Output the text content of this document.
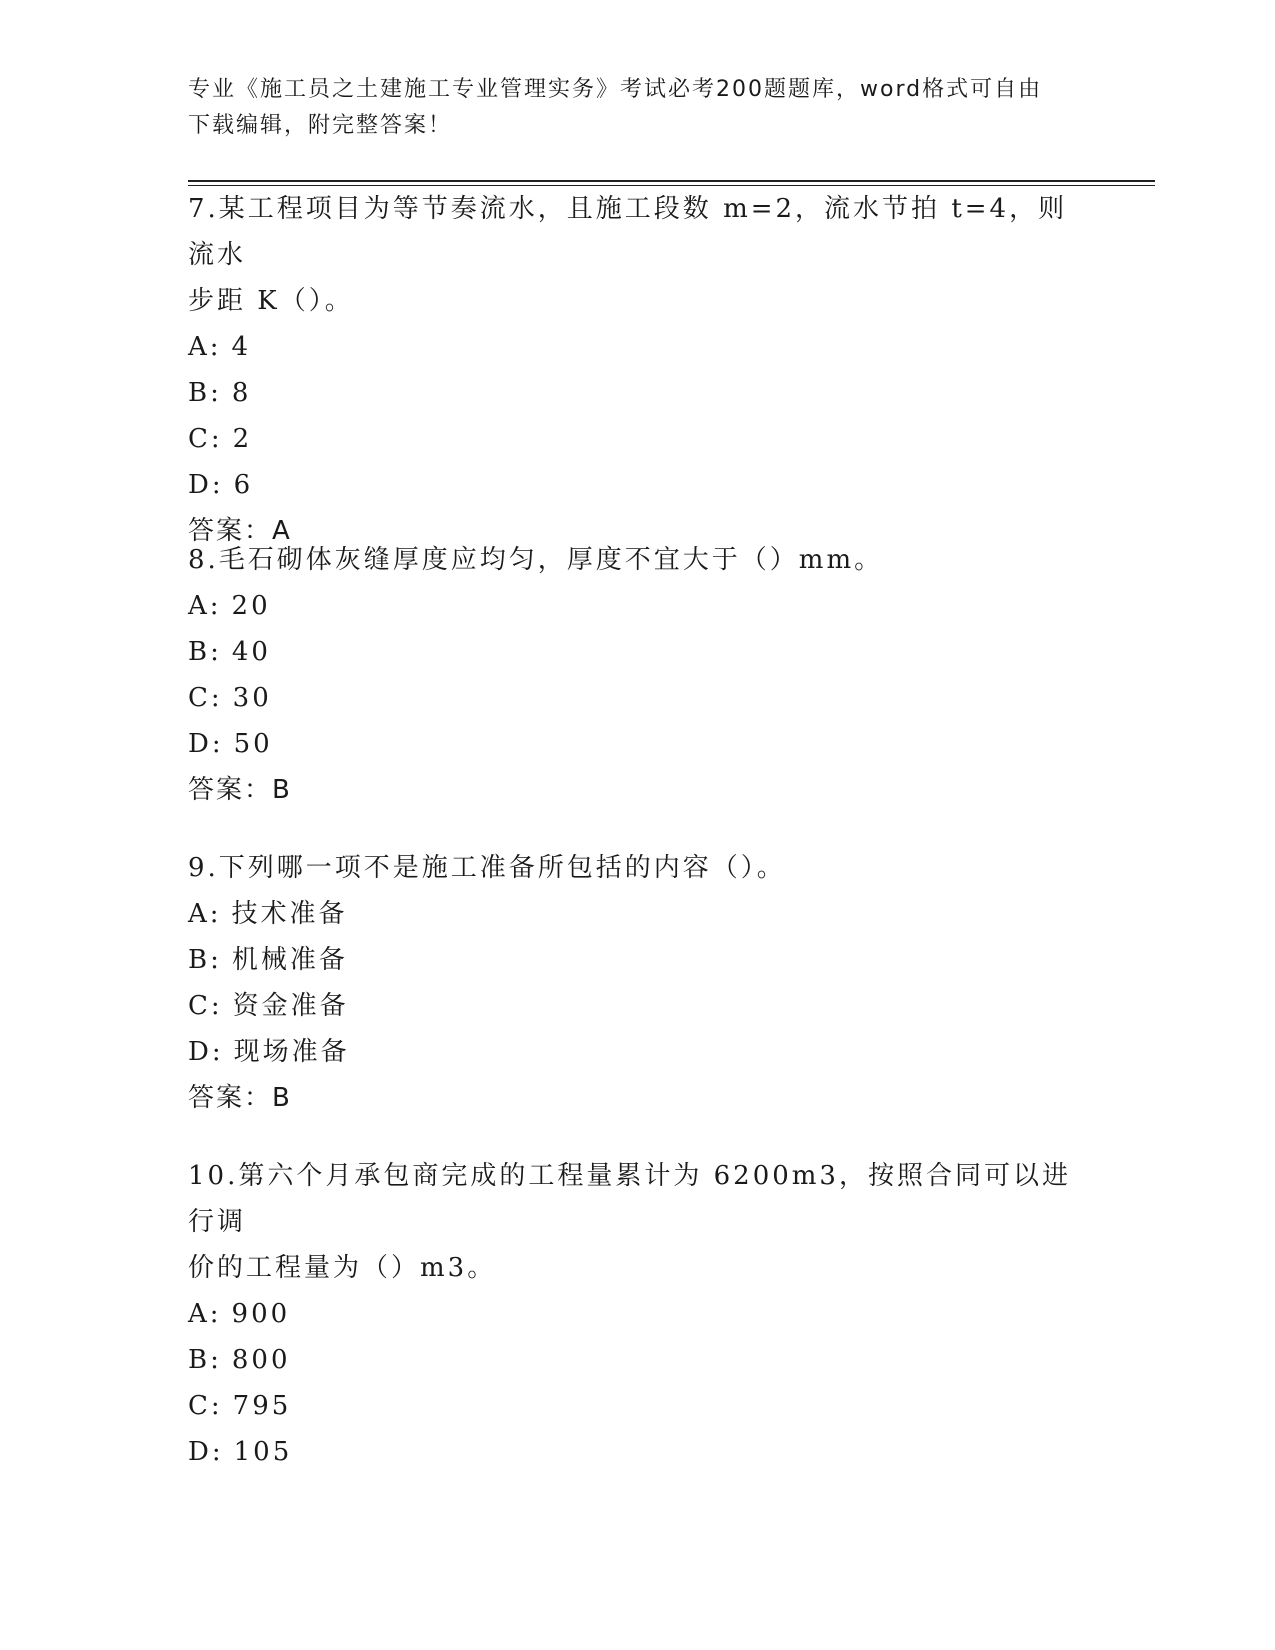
专业《施工员之土建施工专业管理实务》考试必考200题题库，word格式可自由
下载编辑，附完整答案！

7.某工程项目为等节奏流水，且施工段数 m=2，流水节拍 t=4，则流水

步距 K（）。

A: 4

B: 8

C: 2

D: 6

答案：A

8.毛石砌体灰缝厚度应均匀，厚度不宜大于（）mm。

A: 20

B: 40

C: 30

D: 50

答案：B

9.下列哪一项不是施工准备所包括的内容（）。

A: 技术准备

B: 机械准备

C: 资金准备

D: 现场准备

答案：B

10.第六个月承包商完成的工程量累计为 6200m3，按照合同可以进行调

价的工程量为（）m3。

A: 900

B: 800

C: 795

D: 105
